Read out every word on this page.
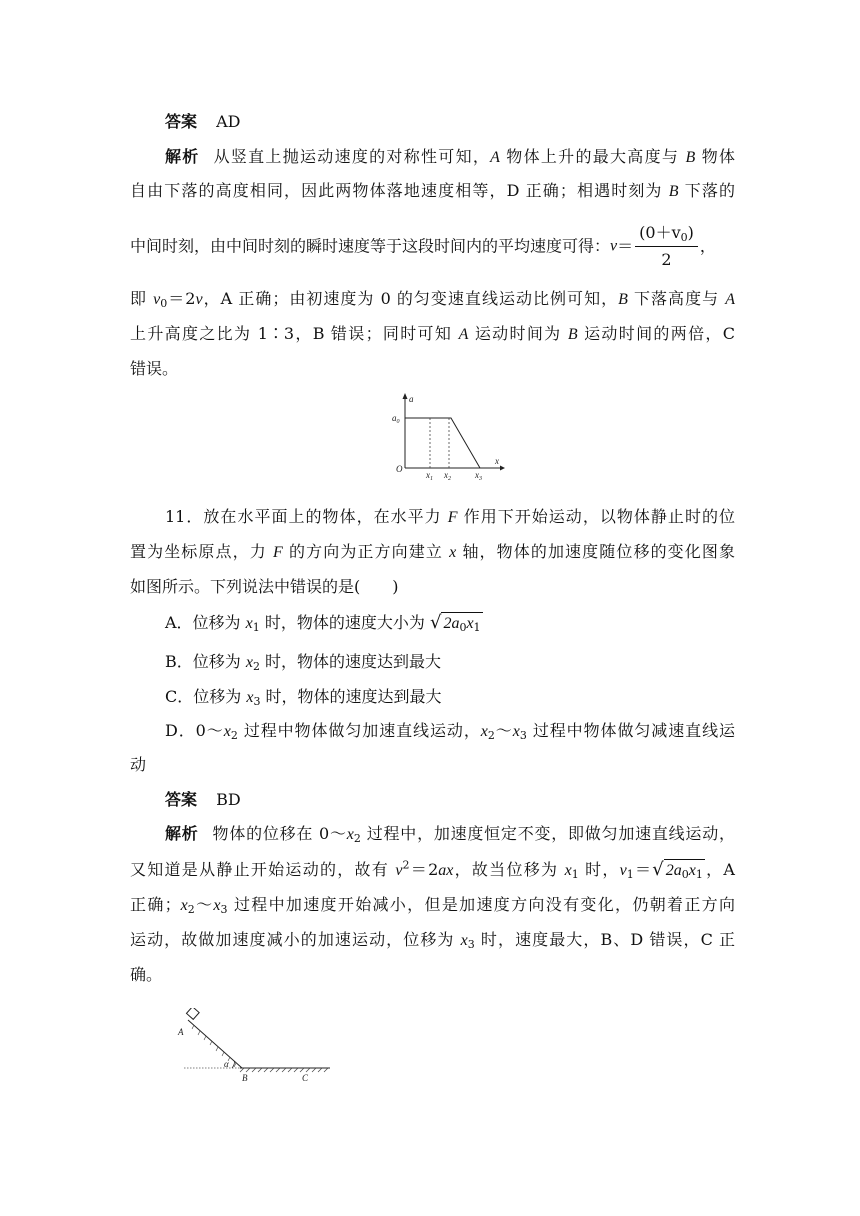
答案 AD
解析 从竖直上抛运动速度的对称性可知，A 物体上升的最大高度与 B 物体
自由下落的高度相同，因此两物体落地速度相等，D 正确；相遇时刻为 B 下落的
中间时刻，由中间时刻的瞬时速度等于这段时间内的平均速度可得：$v= \frac{(0+v_0)}{2}$ ，
即 $v_0=2v$，A 正确；由初速度为 0 的匀变速直线运动比例可知，B 下落高度与 A
上升高度之比为 1∶3，B 错误；同时可知 A 运动时间为 B 运动时间的两倍，C
错误。
a
x
$a_0$
O
$x_1$ $x_2$	$x_3$
11．放在水平面上的物体，在水平力 F 作用下开始运动，以物体静止时的位
置为坐标原点，力 F 的方向为正方向建立 x 轴，物体的加速度随位移的变化图象
如图所示。下列说法中错误的是(　　)
A．位移为 $x_1$ 时，物体的速度大小为 √ $2a_0x_1$
B．位移为 $x_2$ 时，物体的速度达到最大
C．位移为 $x_3$ 时，物体的速度达到最大
D．$0\sim x_2$ 过程中物体做匀加速直线运动，$x_2\sim x_3$ 过程中物体做匀减速直线运
动
答案 BD
解析 物体的位移在 $0\sim x_2$ 过程中，加速度恒定不变，即做匀加速直线运动，
又知道是从静止开始运动的，故有 $v^2=2ax$，故当位移为 $x_1$ 时，$v_1=√$ $2a_0x_1$ ，A
正确；$x_2\sim x_3$ 过程中加速度开始减小，但是加速度方向没有变化，仍朝着正方向
运动，故做加速度减小的加速运动，位移为 $x_3$ 时，速度最大，B、D 错误，C 正
确。
A
α
B	C
